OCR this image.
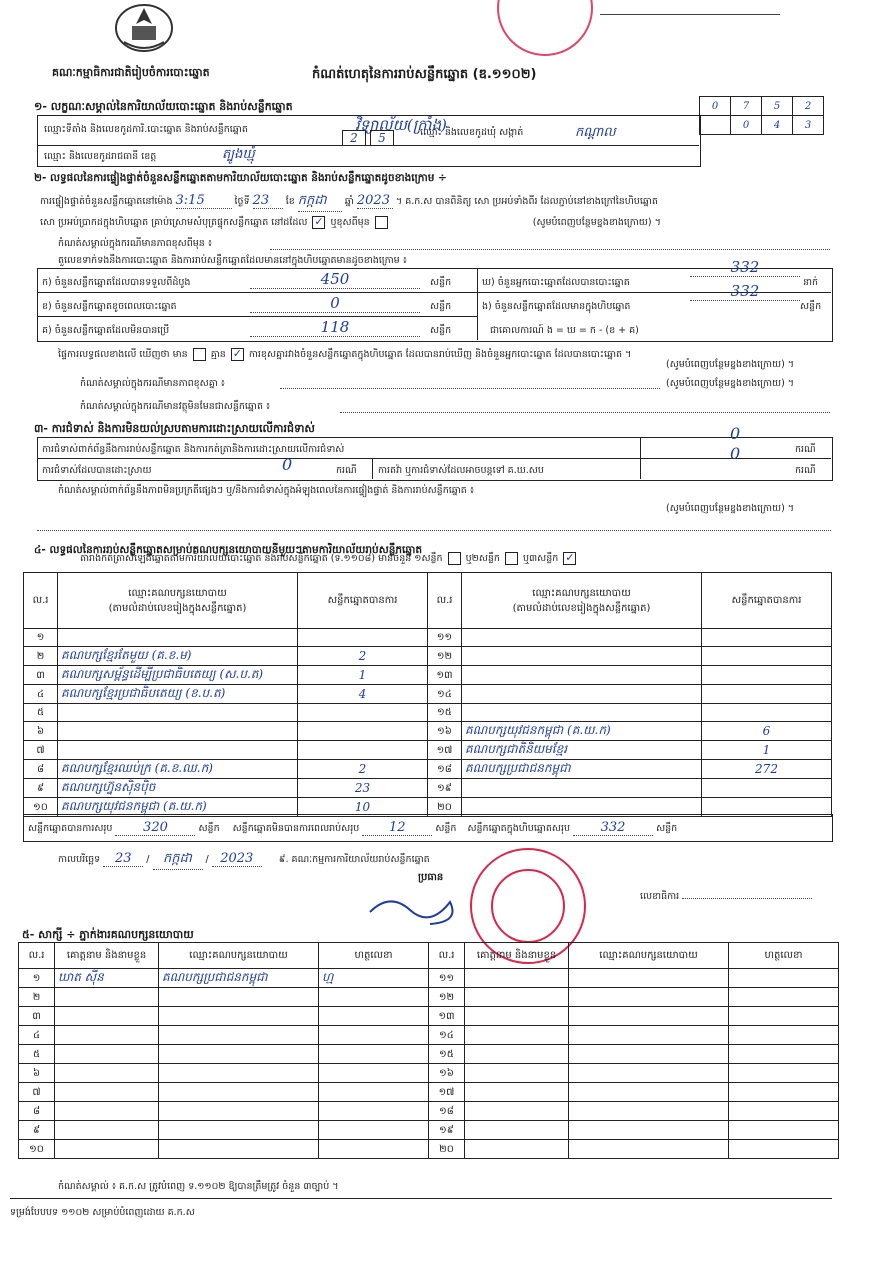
គណៈកម្មាធិការជាតិរៀបចំការបោះឆ្នោត	កំណត់ហេតុនៃការរាប់សន្លឹកឆ្នោត (ឌ.១១០២)
១- លក្ខណៈសម្គាល់នៃការិយាល័យបោះឆ្នោត និងរាប់សន្លឹកឆ្នោត
ឈ្មោះទីតាំង និងលេខកូដការិ.បោះឆ្នោត និងរាប់សន្លឹកឆ្នោត	វិទ្យាល័យ(ក្រាំង)
ឈ្មោះ និងលេខកូដរាជធានី ខេត្ត	ត្បូងឃ្មុំ
ឈ្មោះ និងលេខកូដឃុំ សង្កាត់	កណ្ដាល
2	5
0	7	5	2
	0	4	3
២- លទ្ធផលនៃការផ្ទៀងផ្ទាត់ចំនួនសន្លឹកឆ្នោតតាមការិយាល័យបោះឆ្នោត និងរាប់សន្លឹកឆ្នោតដូចខាងក្រោម ÷
ការផ្ទៀងផ្ទាត់ចំនួនសន្លឹកឆ្នោតនៅម៉ោង 3:15	ថ្ងៃទី 23 ខែ កក្កដា ឆ្នាំ 2023 ។ គ.ក.ស បានពិនិត្យ សោ ប្រអប់ទាំងពីរ ដែលភ្ជាប់នៅខាងក្រៅនៃហិបឆ្នោត
សោ ប្រអប់ប្រាកដក្នុងហិបឆ្នោត គ្រាប់ស្រោមសំបុត្រផ្ទុកសន្លឹកឆ្នោត នៅដដែល ✓ ឬខុសពីមុន	(សូមបំពេញបន្ថែមខ្នងខាងក្រោយ) ។
កំណត់សម្គាល់ក្នុងករណីមានភាពខុសពីមុន ៖
តួលេខទាក់ទងនឹងការបោះឆ្នោត និងការរាប់សន្លឹកឆ្នោតដែលមាននៅក្នុងហិបឆ្នោតមានដូចខាងក្រោម ៖
ក) ចំនួនសន្លឹកឆ្នោតដែលបានទទួលពីដំបូង	450	សន្លឹក
ខ) ចំនួនសន្លឹកឆ្នោតខូចពេលបោះឆ្នោត	0	សន្លឹក
គ) ចំនួនសន្លឹកឆ្នោតដែលមិនបានប្រើ	118	សន្លឹក
ឃ) ចំនួនអ្នកបោះឆ្នោតដែលបានបោះឆ្នោត
332
នាក់
ង) ចំនួនសន្លឹកឆ្នោតដែលមានក្នុងហិបឆ្នោត
332
សន្លឹក
ជាគោលការណ៍ ង = ឃ = ក - (ខ + គ)
ផ្ទៃការលទ្ធផលខាងលើ ឃើញថា មាន គ្មាន ✓ ការខុសគ្នារវាងចំនួនសន្លឹកឆ្នោតក្នុងហិបឆ្នោត ដែលបានរាប់ឃើញ និងចំនួនអ្នកបោះឆ្នោត ដែលបានបោះឆ្នោត ។
(សូមបំពេញបន្ថែមខ្នងខាងក្រោយ) ។
កំណត់សម្គាល់ក្នុងករណីមានភាពខុសគ្នា ៖	(សូមបំពេញបន្ថែមខ្នងខាងក្រោយ) ។
កំណត់សម្គាល់ក្នុងករណីមានវត្ថុមិនមែនជាសន្លឹកឆ្នោត ៖
៣- ការជំទាស់ និងការមិនយល់ស្របតាមការដោះស្រាយលើការជំទាស់
ការជំទាស់ពាក់ព័ន្ធនឹងការរាប់សន្លឹកឆ្នោត និងការកត់ត្រានិងការដោះស្រាយលើការជំទាស់
0
ករណី
ការជំទាស់ដែលបានដោះស្រាយ	0	ករណី ការតវ៉ា ឬការជំទាស់ដែលអាចបន្តទៅ គ.ឃ.សប
0
ករណី
កំណត់សម្គាល់ពាក់ព័ន្ធនឹងភាពមិនប្រក្រតីផ្សេងៗ ឬ/និងការជំទាស់ក្នុងអំឡុងពេលនៃការផ្ទៀងផ្ទាត់ និងការរាប់សន្លឹកឆ្នោត ៖
(សូមបំពេញបន្ថែមខ្នងខាងក្រោយ) ។
៤- លទ្ធផលនៃការរាប់សន្លឹកឆ្នោតសម្រាប់គណបក្សនយោបាយនីមួយៗតាមការិយាល័យរាប់សន្លឹកឆ្នោត
តារាងកត់ត្រាសំឡេងឆ្នោតតាមការិយាល័យបោះឆ្នោត និងរាប់សន្លឹកឆ្នោត (ទ.១១០៨) មានចំនួន ១សន្លឹក ឬ២សន្លឹក ឬ៣សន្លឹក ✓
ល.រ	ឈ្មោះគណបក្សនយោបាយ
(តាមលំដាប់លេខរៀងក្នុងសន្លឹកឆ្នោត)	សន្លឹកឆ្នោតបានការ	ល.រ	ឈ្មោះគណបក្សនយោបាយ
(តាមលំដាប់លេខរៀងក្នុងសន្លឹកឆ្នោត)	សន្លឹកឆ្នោតបានការ
១			១១		
២	គណបក្សខ្មែរតែមួយ (គ.ខ.ម)	2	១២		
៣	គណបក្សសម្ព័ន្ធដើម្បីប្រជាធិបតេយ្យ (ស.ប.ត)	1	១៣		
៤	គណបក្សខ្មែរប្រជាធិបតេយ្យ (ខ.ប.ត)	4	១៤		
៥			១៥		
៦			១៦	គណបក្សយុវជនកម្ពុជា (គ.យ.ក)	6
៧			១៧	គណបក្សជាតិនិយមខ្មែរ	1
៨	គណបក្សខ្មែរឈប់ក្រ (គ.ខ.ឈ.ក)	2	១៨	គណបក្សប្រជាជនកម្ពុជា	272
៩	គណបក្សហ្វ៊ុនស៊ិនប៉ិច	23	១៩		
១០	គណបក្សយុវជនកម្ពុជា (គ.យ.ក)	10	២០		
សន្លឹកឆ្នោតបានការសរុប 320	សន្លឹក សន្លឹកឆ្នោតមិនបានការពេលរាប់សរុប 12	សន្លឹក សន្លឹកឆ្នោតក្នុងហិបឆ្នោតសរុប 332	សន្លឹក
កាលបរិច្ឆេទ 23 / កក្កដា / 2023	៩. គណៈកម្មការការិយាល័យរាប់សន្លឹកឆ្នោត
ប្រធាន
លេខាធិការ
៥- សាក្សី ÷ ភ្នាក់ងារគណបក្សនយោបាយ
ល.រ	គោត្តនាម និងនាមខ្លួន	ឈ្មោះគណបក្សនយោបាយ	ហត្ថលេខា	ល.រ	គោត្តនាម និងនាមខ្លួន	ឈ្មោះគណបក្សនយោបាយ	ហត្ថលេខា
១	ឃាត សុីន	គណបក្សប្រជាជនកម្ពុជា	ហ្ម	១១			
២				១២			
៣				១៣			
៤				១៤			
៥				១៥			
៦				១៦			
៧				១៧			
៨				១៨			
៩				១៩			
១០				២០			
កំណត់សម្គាល់ ៖ គ.ក.ស ត្រូវបំពេញ ទ.១១០២ ឱ្យបានត្រឹមត្រូវ ចំនួន ៣ច្បាប់ ។
ទម្រង់បែបបទ ១១០២ សម្រាប់បំពេញដោយ គ.ក.ស
